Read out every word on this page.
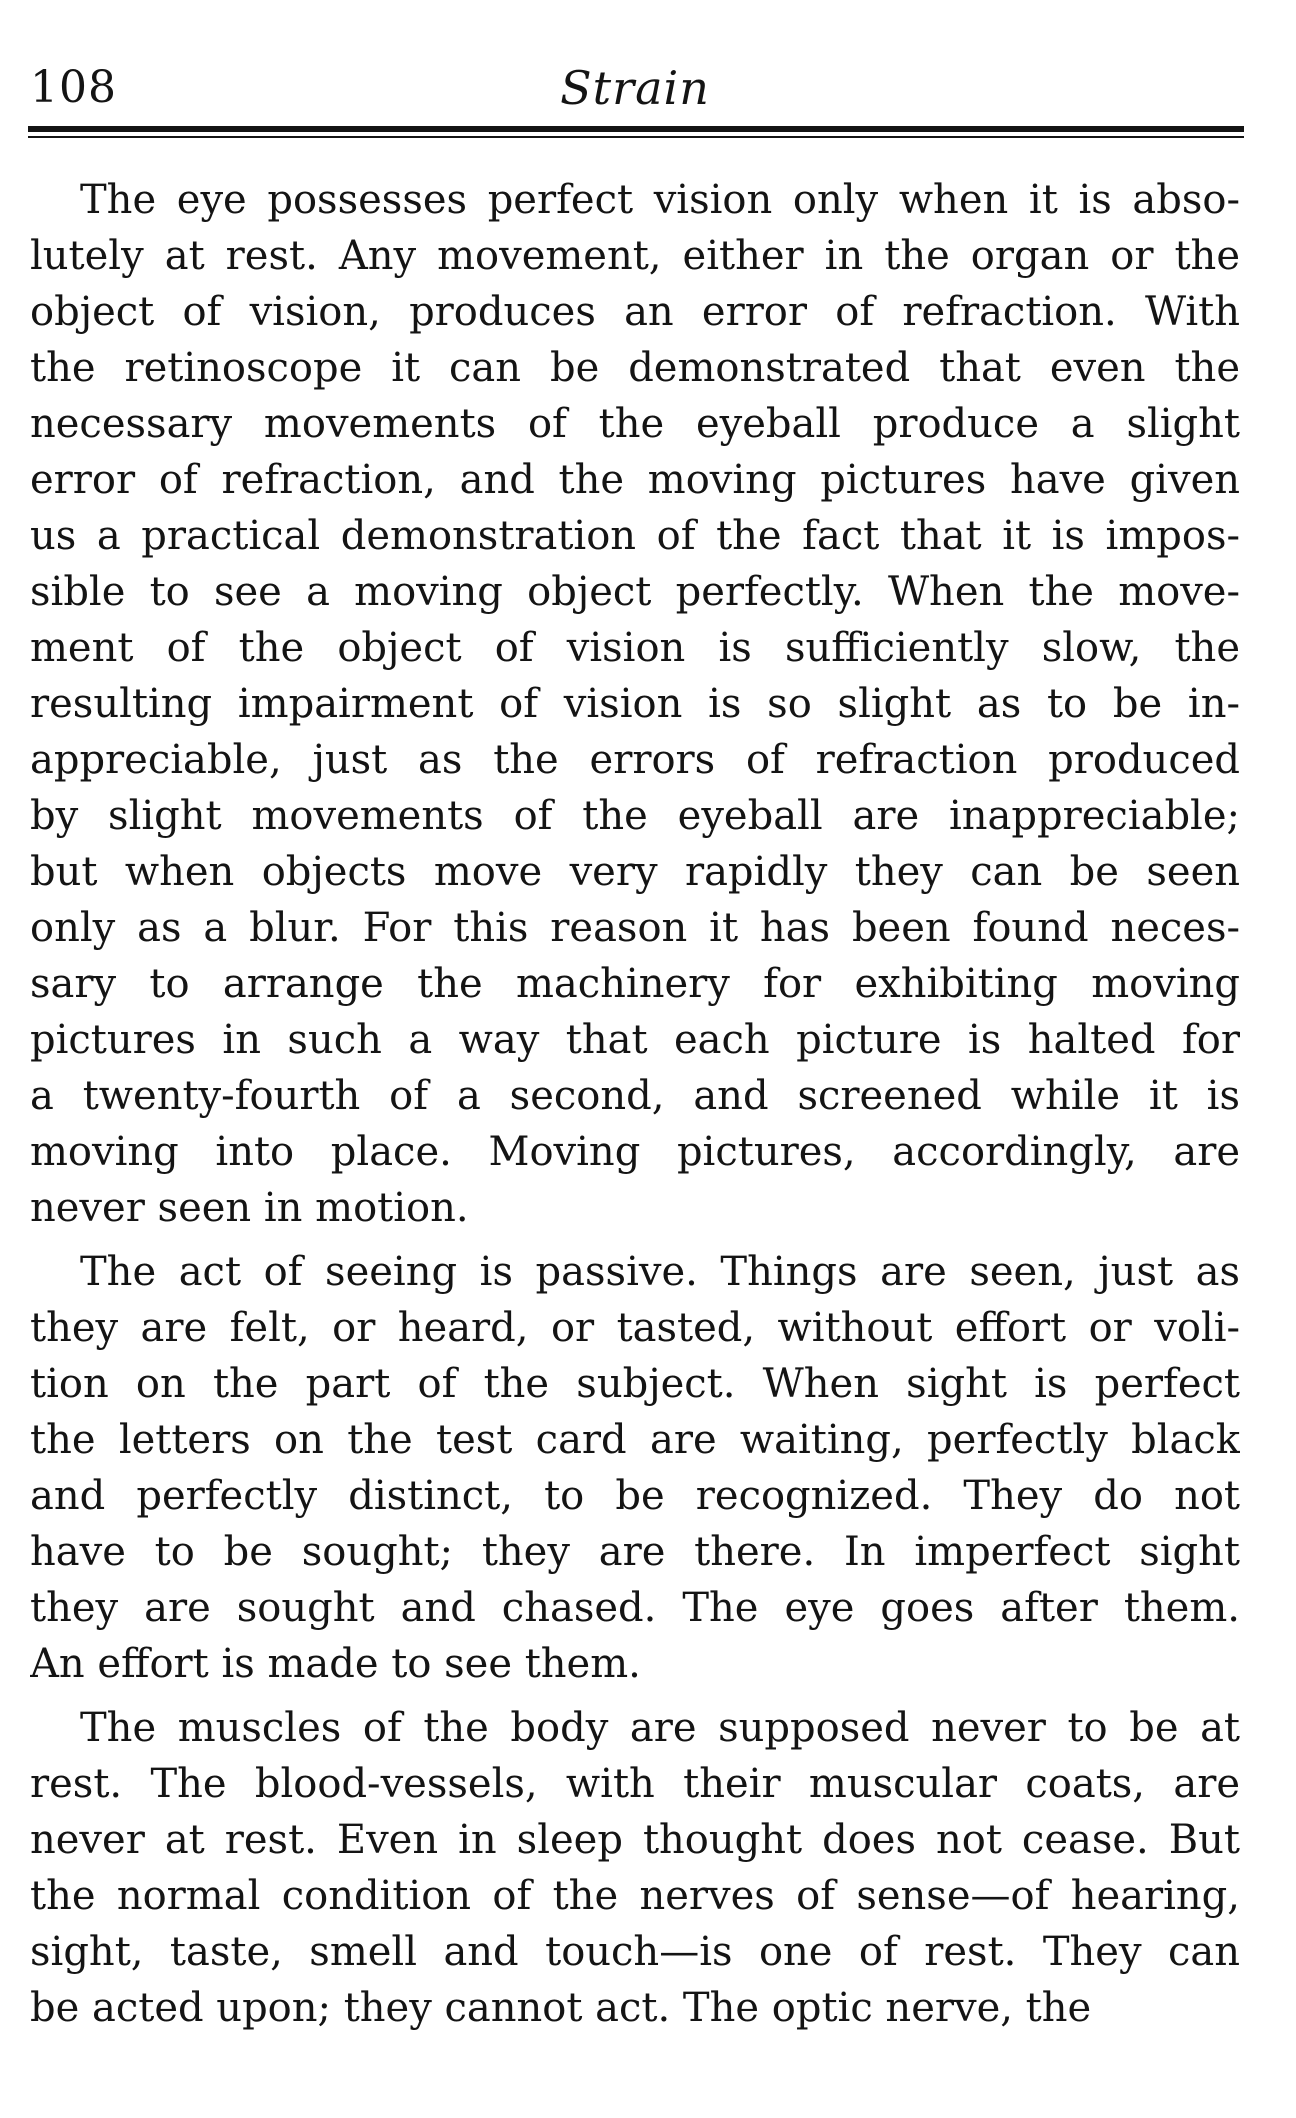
108	Strain
The eye possesses perfect vision only when it is abso-
lutely at rest. Any movement, either in the organ or the
object of vision, produces an error of refraction. With
the retinoscope it can be demonstrated that even the
necessary movements of the eyeball produce a slight
error of refraction, and the moving pictures have given
us a practical demonstration of the fact that it is impos-
sible to see a moving object perfectly. When the move-
ment of the object of vision is sufficiently slow, the
resulting impairment of vision is so slight as to be in-
appreciable, just as the errors of refraction produced
by slight movements of the eyeball are inappreciable;
but when objects move very rapidly they can be seen
only as a blur. For this reason it has been found neces-
sary to arrange the machinery for exhibiting moving
pictures in such a way that each picture is halted for
a twenty-fourth of a second, and screened while it is
moving into place. Moving pictures, accordingly, are
never seen in motion.
The act of seeing is passive. Things are seen, just as
they are felt, or heard, or tasted, without effort or voli-
tion on the part of the subject. When sight is perfect
the letters on the test card are waiting, perfectly black
and perfectly distinct, to be recognized. They do not
have to be sought; they are there. In imperfect sight
they are sought and chased. The eye goes after them.
An effort is made to see them.
The muscles of the body are supposed never to be at
rest. The blood-vessels, with their muscular coats, are
never at rest. Even in sleep thought does not cease. But
the normal condition of the nerves of sense—of hearing,
sight, taste, smell and touch—is one of rest. They can
be acted upon; they cannot act. The optic nerve, the
